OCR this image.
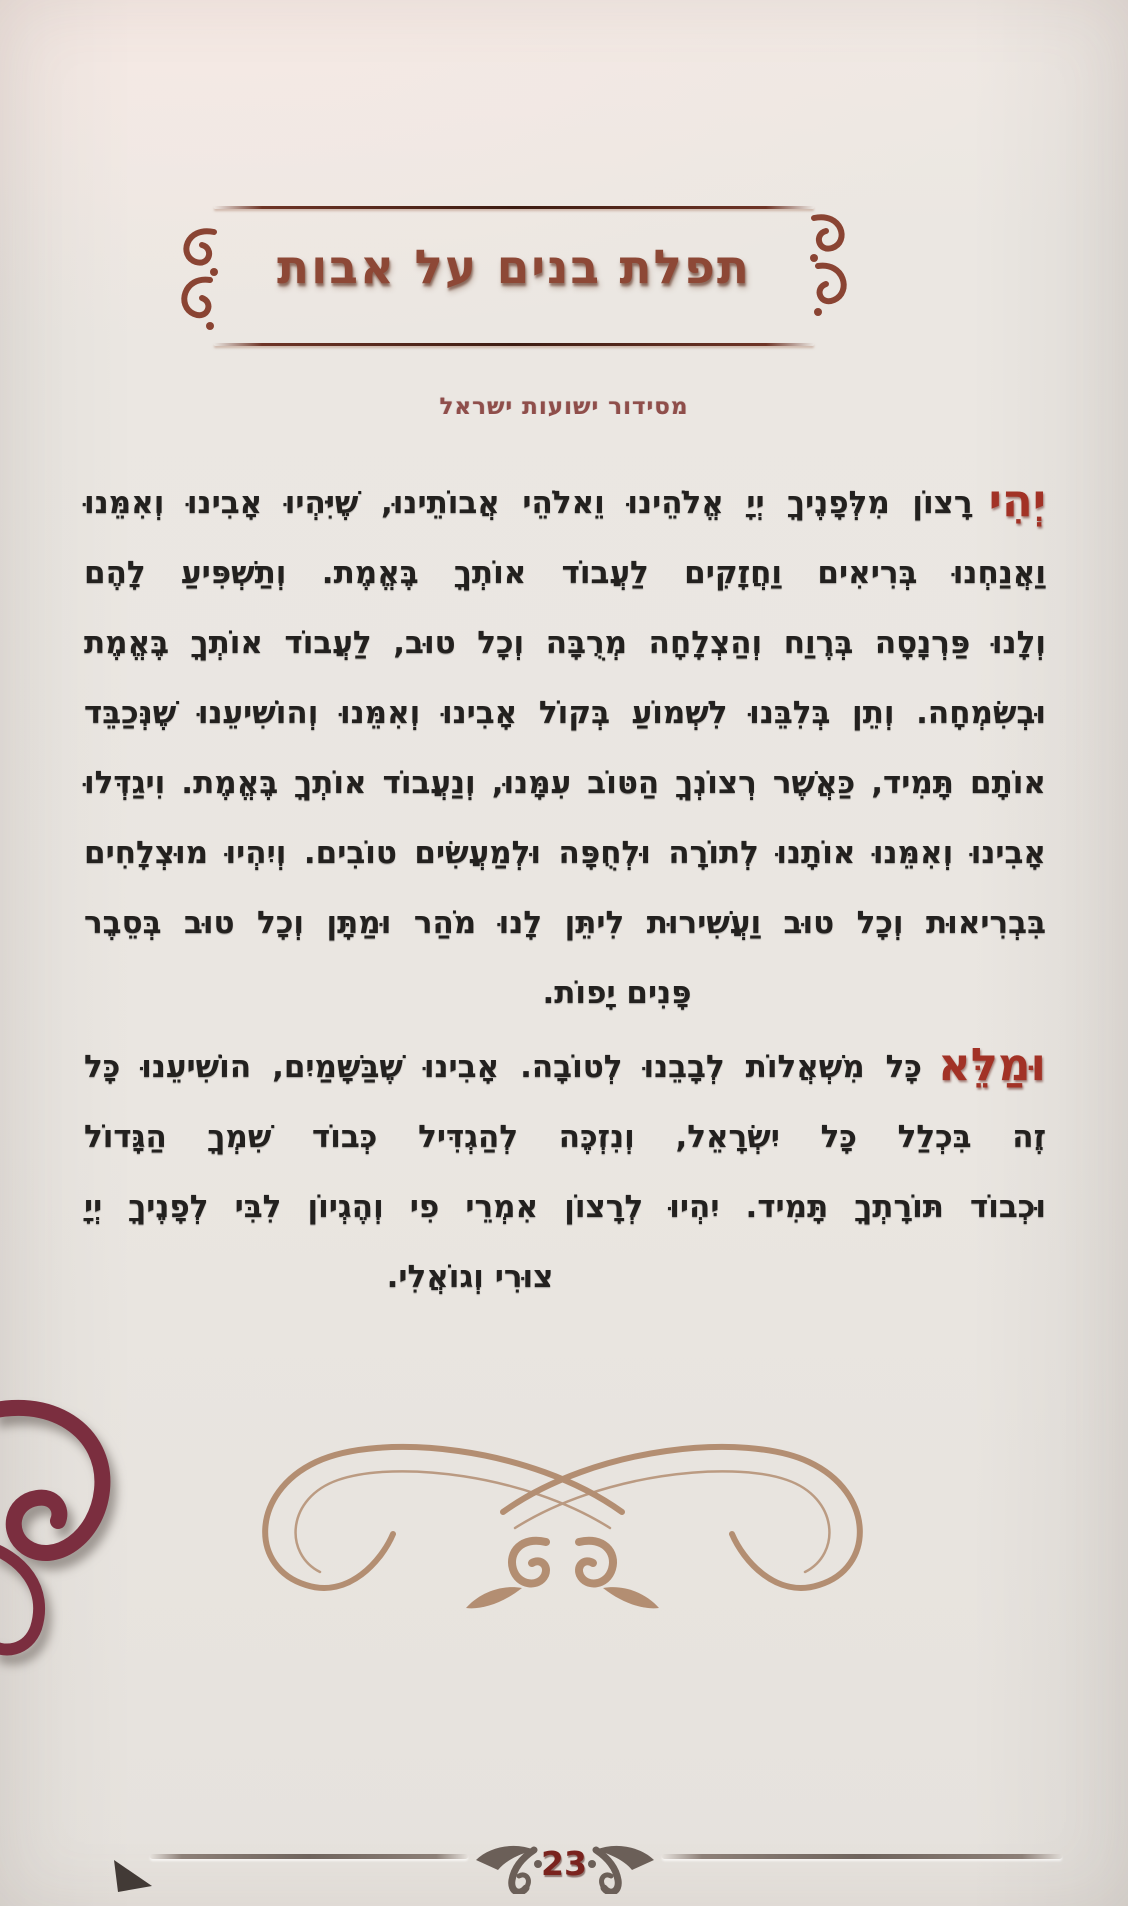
תפלת בנים על אבות
מסידור ישועות ישראל
יְהִי
רָצוֹן מִלְּפָנֶיךָ יְיָ אֱלֹהֵינוּ וֵאלֹהֵי אֲבוֹתֵינוּ, שֶׁיִּהְיוּ אָבִינוּ וְאִמֵּנוּ
וַאֲנַחְנוּ בְּרִיאִים וַחֲזָקִים לַעֲבוֹד אוֹתְךָ בֶּאֱמֶת. וְתַשְׁפִּיעַ לָהֶם
וְלָנוּ פַּרְנָסָה בְּרֶוַח וְהַצְלָחָה מְרֻבָּה וְכָל טוּב, לַעֲבוֹד אוֹתְךָ בֶּאֱמֶת
וּבְשִׂמְחָה. וְתֵן בְּלִבֵּנוּ לִשְׁמוֹעַ בְּקוֹל אָבִינוּ וְאִמֵּנוּ וְהוֹשִׁיעֵנוּ שֶׁנְּכַבֵּד
אוֹתָם תָּמִיד, כַּאֲשֶׁר רְצוֹנְךָ הַטּוֹב עִמָּנוּ, וְנַעֲבוֹד אוֹתְךָ בֶּאֱמֶת. וִיגַדְּלוּ
אָבִינוּ וְאִמֵּנוּ אוֹתָנוּ לְתוֹרָה וּלְחֻפָּה וּלְמַעֲשִׂים טוֹבִים. וְיִהְיוּ מוּצְלָחִים
בִּבְרִיאוּת וְכָל טוּב וַעֲשִׁירוּת לִיתֵּן לָנוּ מֹהַר וּמַתָּן וְכָל טוּב בְּסֵבֶר
פָּנִים יָפוֹת.
וּמַלֵּא
כָּל מִשְׁאֲלוֹת לְבָבֵנוּ לְטוֹבָה. אָבִינוּ שֶׁבַּשָּׁמַיִם, הוֹשִׁיעֵנוּ כָּל
זֶה בִּכְלַל כָּל יִשְׂרָאֵל, וְנִזְכֶּה לְהַגְדִּיל כְּבוֹד שִׁמְךָ הַגָּדוֹל
וּכְבוֹד תּוֹרָתְךָ תָּמִיד. יִהְיוּ לְרָצוֹן אִמְרֵי פִי וְהֶגְיוֹן לִבִּי לְפָנֶיךָ יְיָ
צוּרִי וְגוֹאֲלִי.
23
